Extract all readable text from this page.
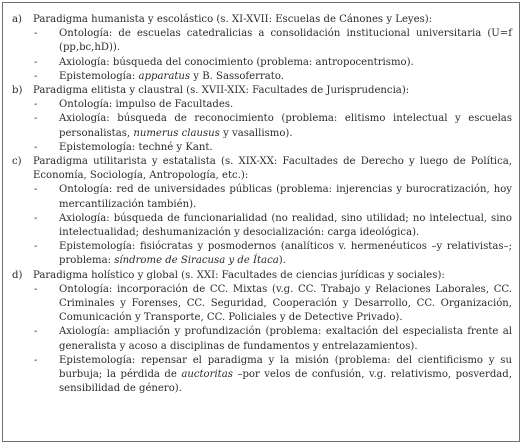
a)	Paradigma humanista y escolástico (s. XI-XVII: Escuelas de Cánones y Leyes):
-	Ontología: de escuelas catedralicias a consolidación institucional universitaria (U=f (pp,bc,hD)).
-	Axiología: búsqueda del conocimiento (problema: antropocentrismo).
-	Epistemología: apparatus y B. Sassoferrato.
b)	Paradigma elitista y claustral (s. XVII-XIX: Facultades de Jurisprudencia):
-	Ontología: impulso de Facultades.
-	Axiología: búsqueda de reconocimiento (problema: elitismo intelectual y escuelas personalistas, numerus clausus y vasallismo).
-	Epistemología: techné y Kant.
c)	Paradigma utilitarista y estatalista (s. XIX-XX: Facultades de Derecho y luego de Política, Economía, Sociología, Antropología, etc.):
-	Ontología: red de universidades públicas (problema: injerencias y burocratización, hoy mercantilización también).
-	Axiología: búsqueda de funcionarialidad (no realidad, sino utilidad; no intelectual, sino intelectualidad; deshumanización y desocialización: carga ideológica).
-	Epistemología: fisiócratas y posmodernos (analíticos v. hermenéuticos –y relativistas–; problema: síndrome de Siracusa y de Ítaca).
d)	Paradigma holístico y global (s. XXI: Facultades de ciencias jurídicas y sociales):
-	Ontología: incorporación de CC. Mixtas (v.g. CC. Trabajo y Relaciones Laborales, CC. Criminales y Forenses, CC. Seguridad, Cooperación y Desarrollo, CC. Organización, Comunicación y Transporte, CC. Policiales y de Detective Privado).
-	Axiología: ampliación y profundización (problema: exaltación del especialista frente al generalista y acoso a disciplinas de fundamentos y entrelazamientos).
-	Epistemología: repensar el paradigma y la misión (problema: del cientificismo y su burbuja; la pérdida de auctoritas –por velos de confusión, v.g. relativismo, posverdad, sensibilidad de género).
